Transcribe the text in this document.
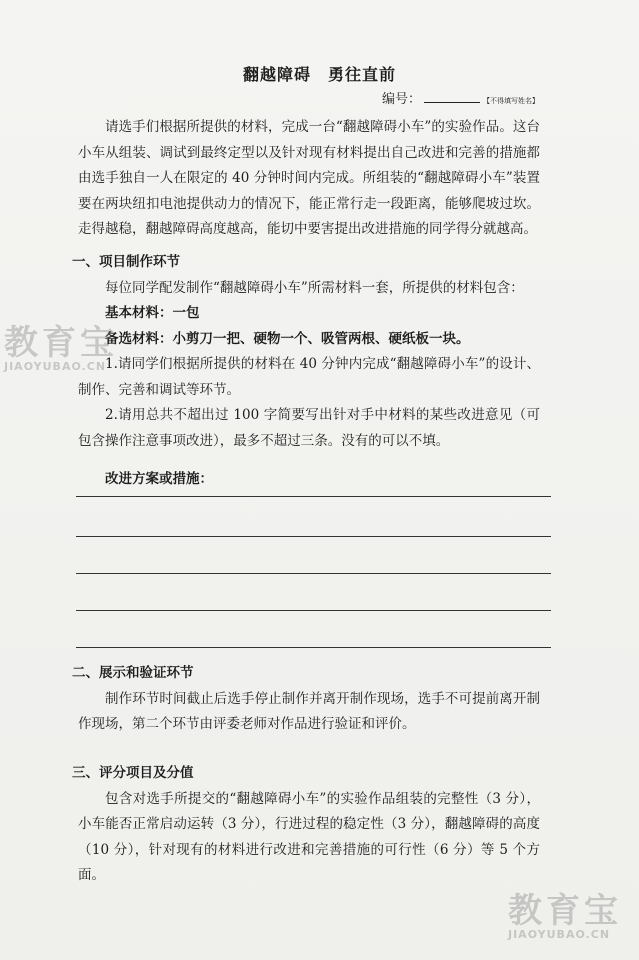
翻越障碍　勇往直前
编号：	【不得填写姓名】

请选手们根据所提供的材料，完成一台“翻越障碍小车”的实验作品。这台小车从组装、调试到最终定型以及针对现有材料提出自己改进和完善的措施都由选手独自一人在限定的 40 分钟时间内完成。所组装的“翻越障碍小车”装置要在两块纽扣电池提供动力的情况下，能正常行走一段距离，能够爬坡过坎。走得越稳，翻越障碍高度越高，能切中要害提出改进措施的同学得分就越高。

一、项目制作环节

每位同学配发制作“翻越障碍小车”所需材料一套，所提供的材料包含：

基本材料：一包

备选材料：小剪刀一把、硬物一个、吸管两根、硬纸板一块。

1.请同学们根据所提供的材料在 40 分钟内完成“翻越障碍小车”的设计、制作、完善和调试等环节。

2.请用总共不超出过 100 字简要写出针对手中材料的某些改进意见（可包含操作注意事项改进），最多不超过三条。没有的可以不填。

改进方案或措施：

二、展示和验证环节

制作环节时间截止后选手停止制作并离开制作现场，选手不可提前离开制作现场，第二个环节由评委老师对作品进行验证和评价。

三、评分项目及分值

包含对选手所提交的“翻越障碍小车”的实验作品组装的完整性（3 分），小车能否正常启动运转（3 分），行进过程的稳定性（3 分），翻越障碍的高度（10 分），针对现有的材料进行改进和完善措施的可行性（6 分）等 5 个方面。

教育宝
JIAOYUBAO.CN
教育宝
JIAOYUBAO.CN
